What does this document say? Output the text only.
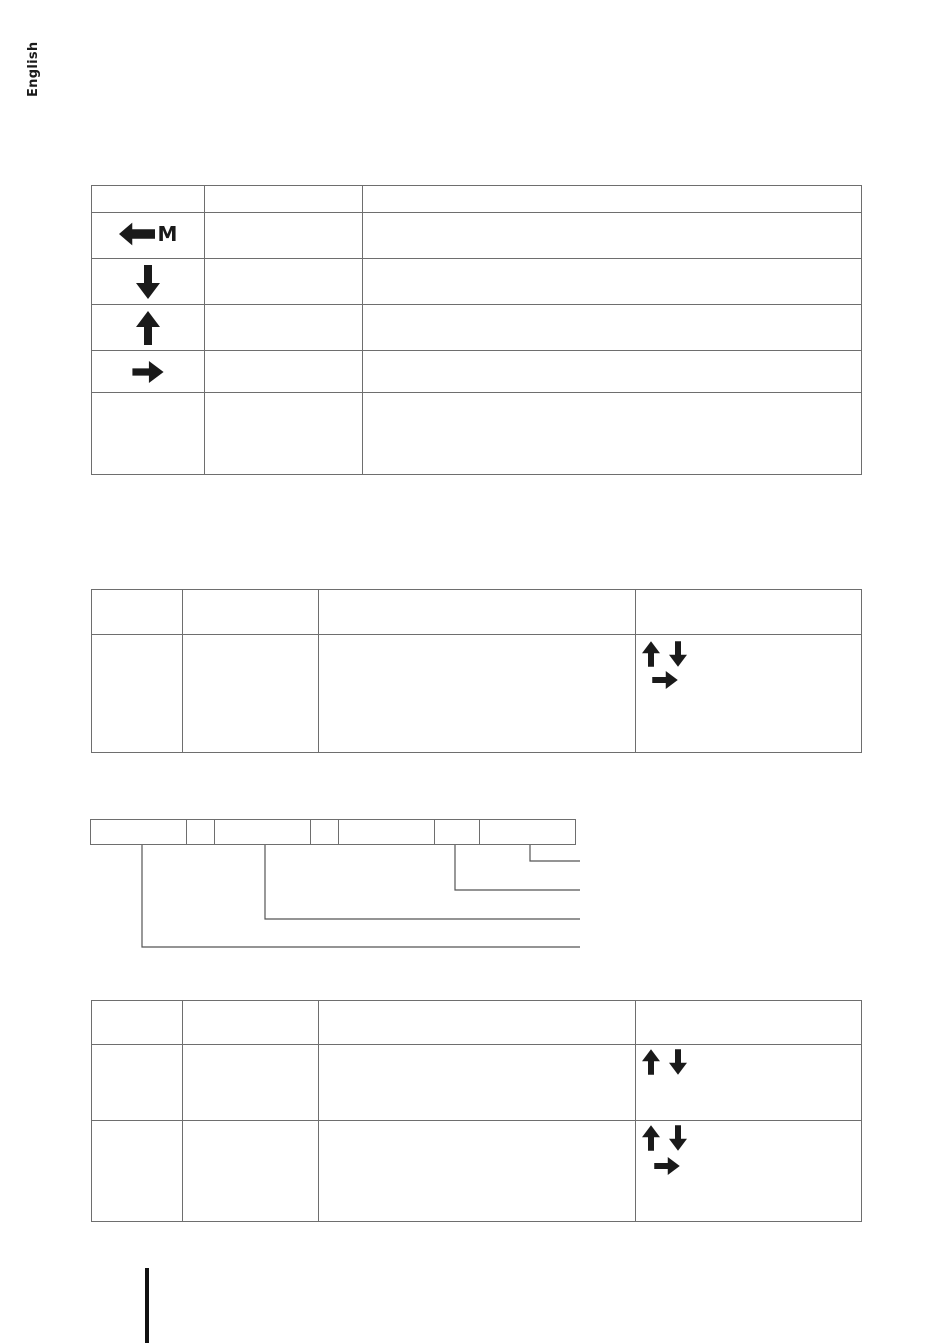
English

M		
